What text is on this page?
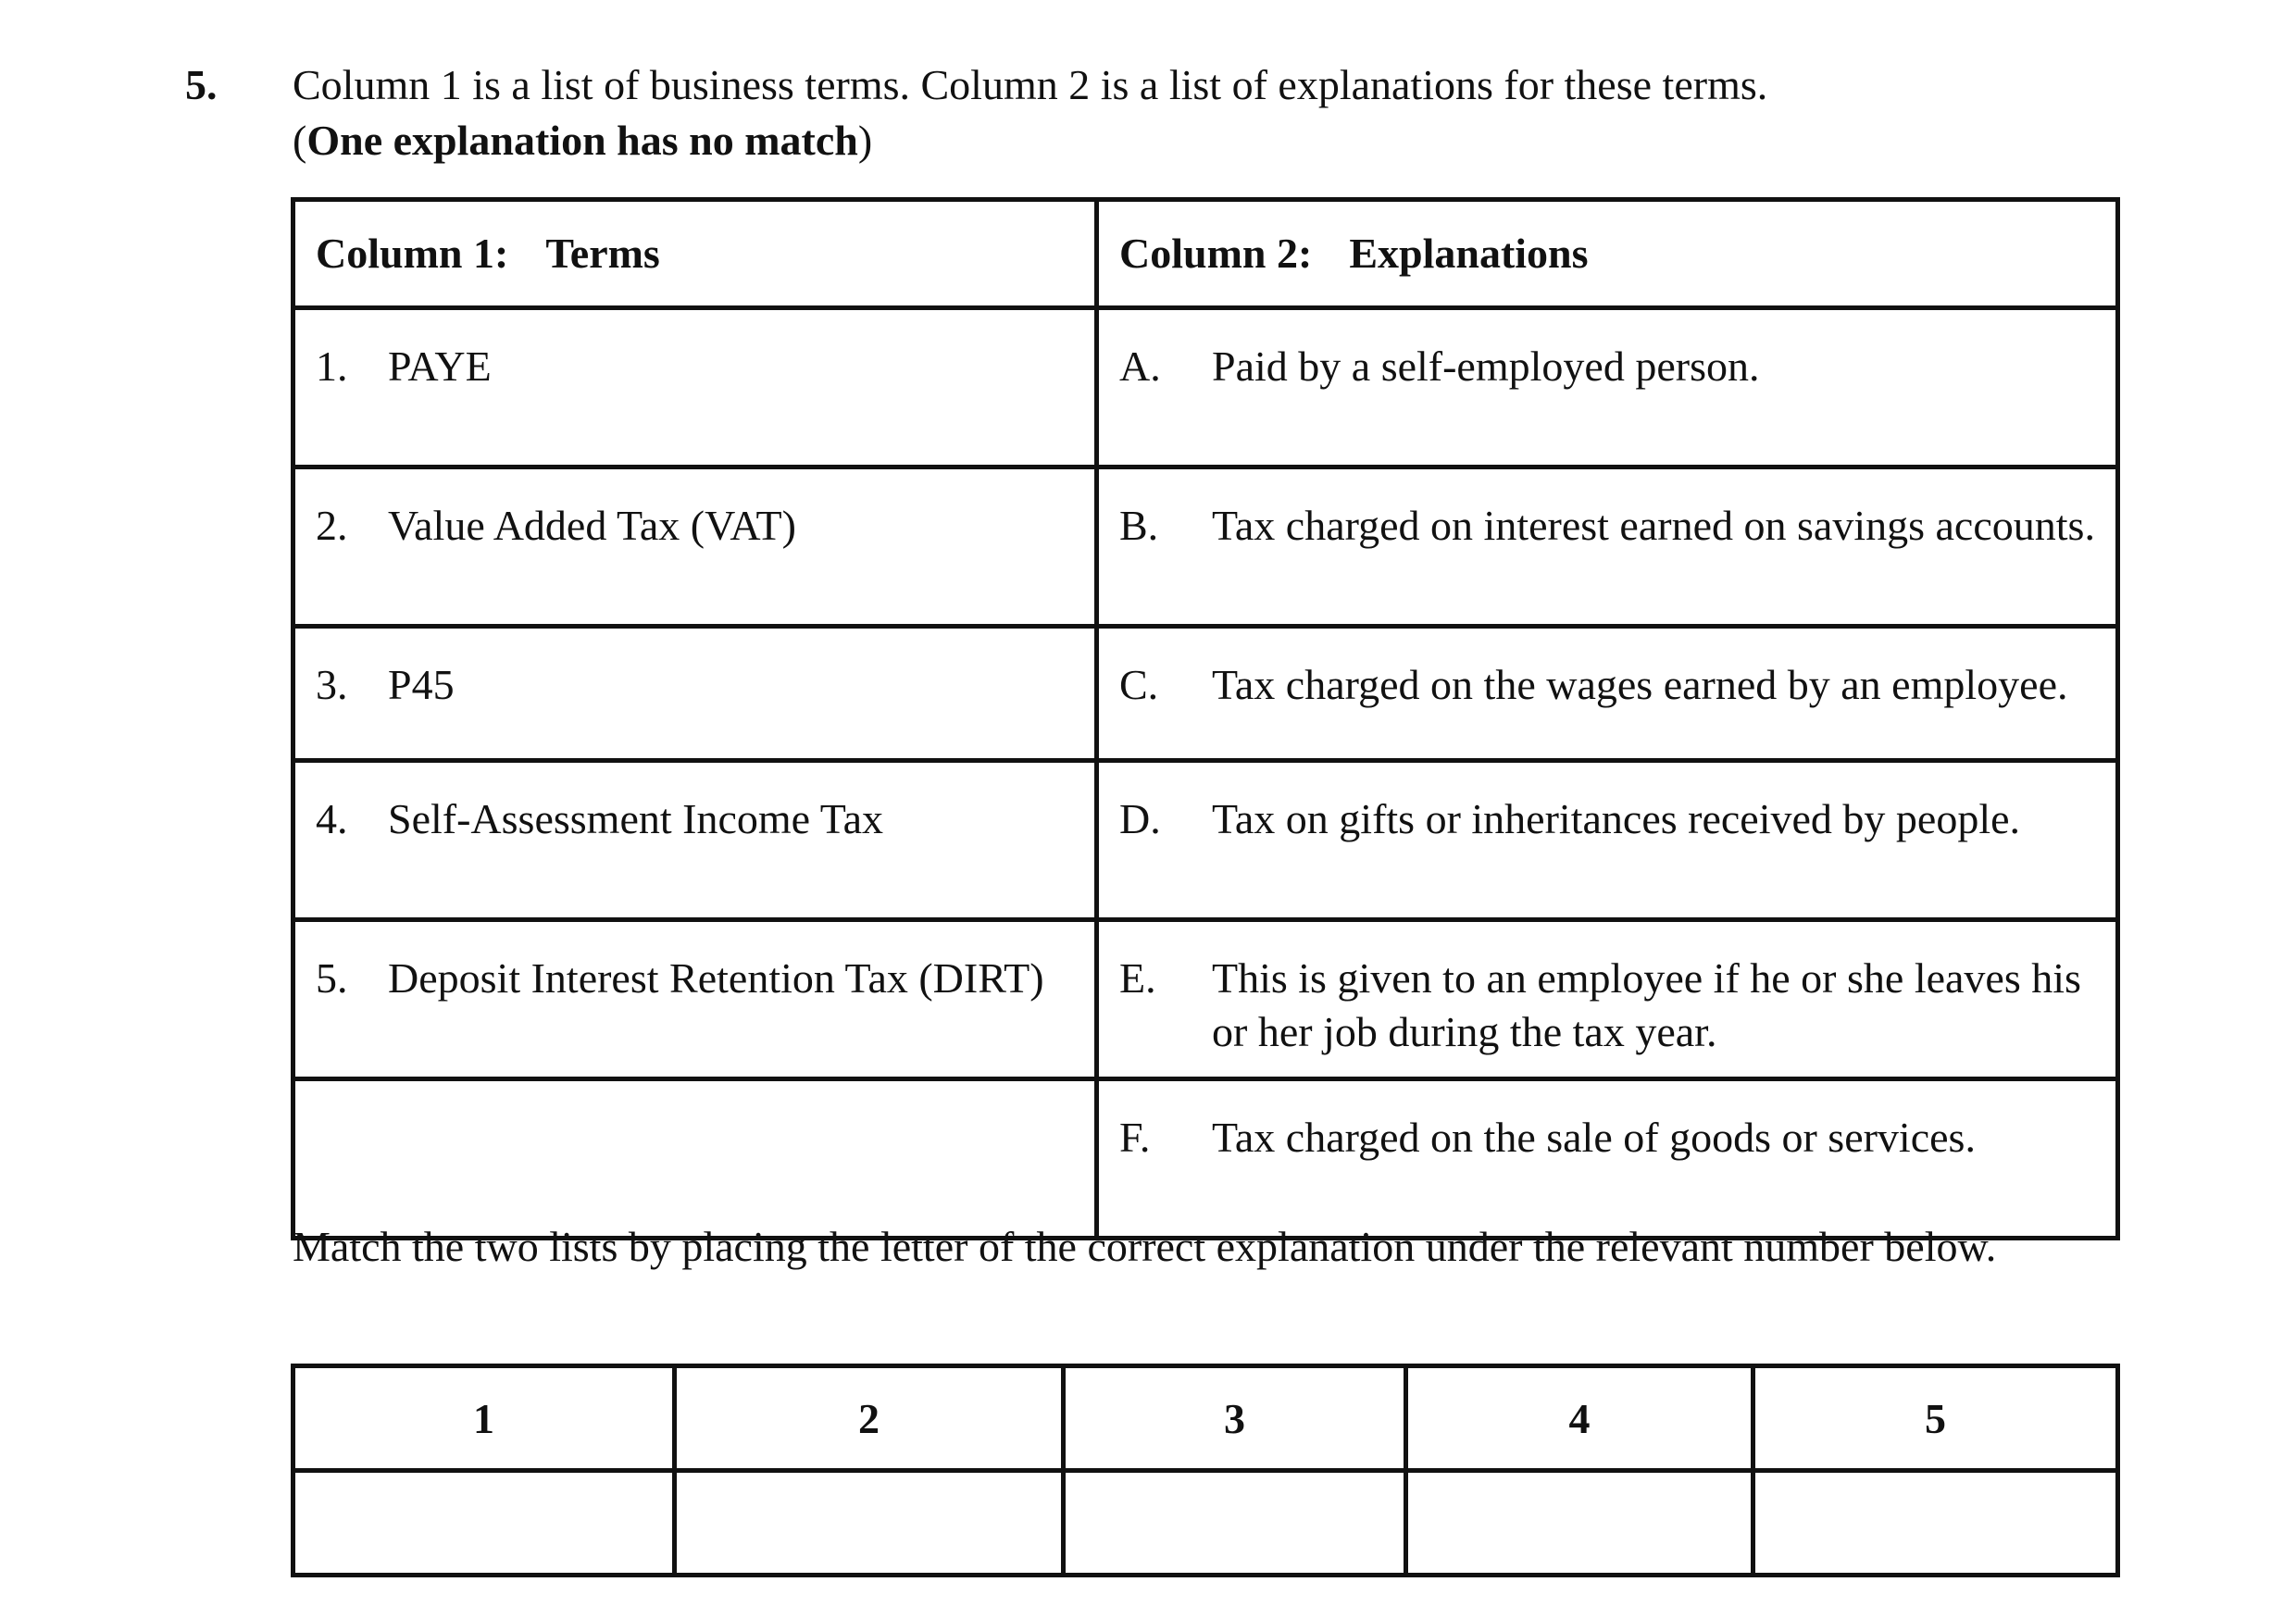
5. Column 1 is a list of business terms. Column 2 is a list of explanations for these terms.
(One explanation has no match)
Column 1: Terms	Column 2: Explanations

1. PAYE	A. Paid by a self-employed person.

2. Value Added Tax (VAT)	B. Tax charged on interest earned on savings accounts.

3. P45	C. Tax charged on the wages earned by an employee.

4. Self-Assessment Income Tax	D. Tax on gifts or inheritances received by people.

5. Deposit Interest Retention Tax (DIRT)	E. This is given to an employee if he or she leaves his or her job during the tax year.

	F. Tax charged on the sale of goods or services.
Match the two lists by placing the letter of the correct explanation under the relevant number below.
1	2	3	4	5
